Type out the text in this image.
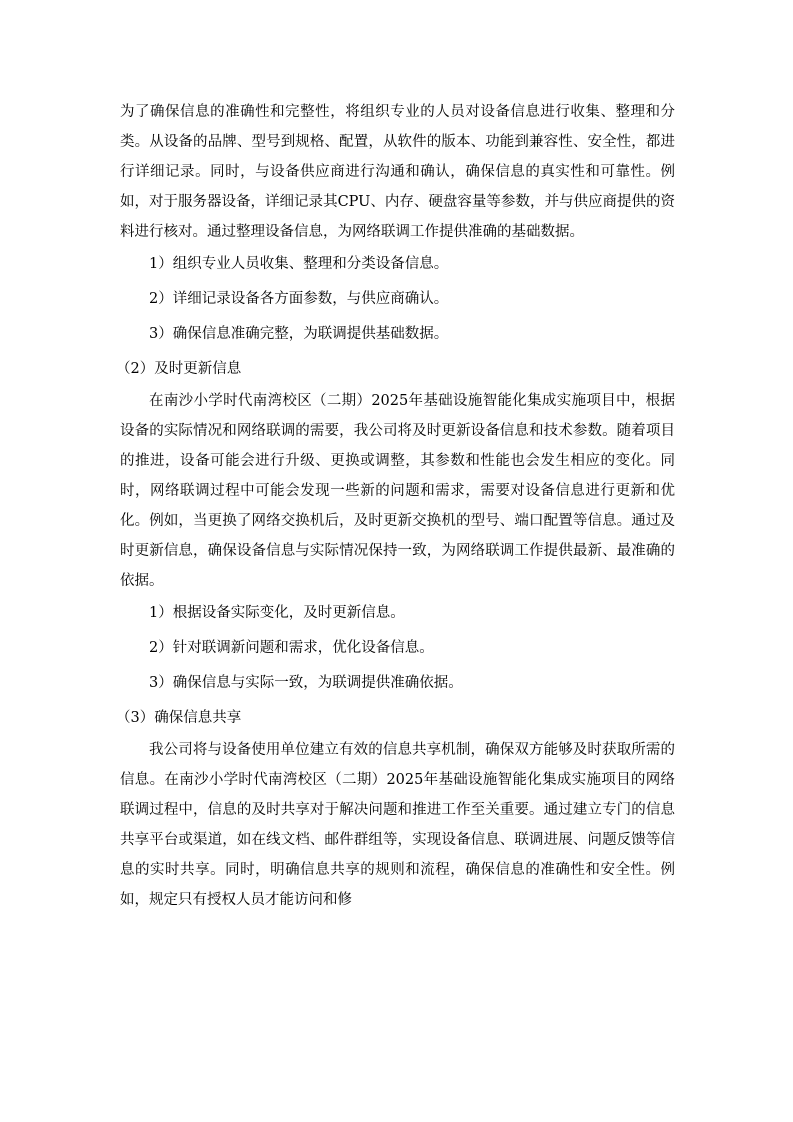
为了确保信息的准确性和完整性，将组织专业的人员对设备信息进行收集、整理和分类。从设备的品牌、型号到规格、配置，从软件的版本、功能到兼容性、安全性，都进行详细记录。同时，与设备供应商进行沟通和确认，确保信息的真实性和可靠性。例如，对于服务器设备，详细记录其CPU、内存、硬盘容量等参数，并与供应商提供的资料进行核对。通过整理设备信息，为网络联调工作提供准确的基础数据。

1）组织专业人员收集、整理和分类设备信息。

2）详细记录设备各方面参数，与供应商确认。

3）确保信息准确完整，为联调提供基础数据。

（2）及时更新信息

在南沙小学时代南湾校区（二期）2025年基础设施智能化集成实施项目中，根据设备的实际情况和网络联调的需要，我公司将及时更新设备信息和技术参数。随着项目的推进，设备可能会进行升级、更换或调整，其参数和性能也会发生相应的变化。同时，网络联调过程中可能会发现一些新的问题和需求，需要对设备信息进行更新和优化。例如，当更换了网络交换机后，及时更新交换机的型号、端口配置等信息。通过及时更新信息，确保设备信息与实际情况保持一致，为网络联调工作提供最新、最准确的依据。

1）根据设备实际变化，及时更新信息。

2）针对联调新问题和需求，优化设备信息。

3）确保信息与实际一致，为联调提供准确依据。

（3）确保信息共享

我公司将与设备使用单位建立有效的信息共享机制，确保双方能够及时获取所需的信息。在南沙小学时代南湾校区（二期）2025年基础设施智能化集成实施项目的网络联调过程中，信息的及时共享对于解决问题和推进工作至关重要。通过建立专门的信息共享平台或渠道，如在线文档、邮件群组等，实现设备信息、联调进展、问题反馈等信息的实时共享。同时，明确信息共享的规则和流程，确保信息的准确性和安全性。例如，规定只有授权人员才能访问和修
